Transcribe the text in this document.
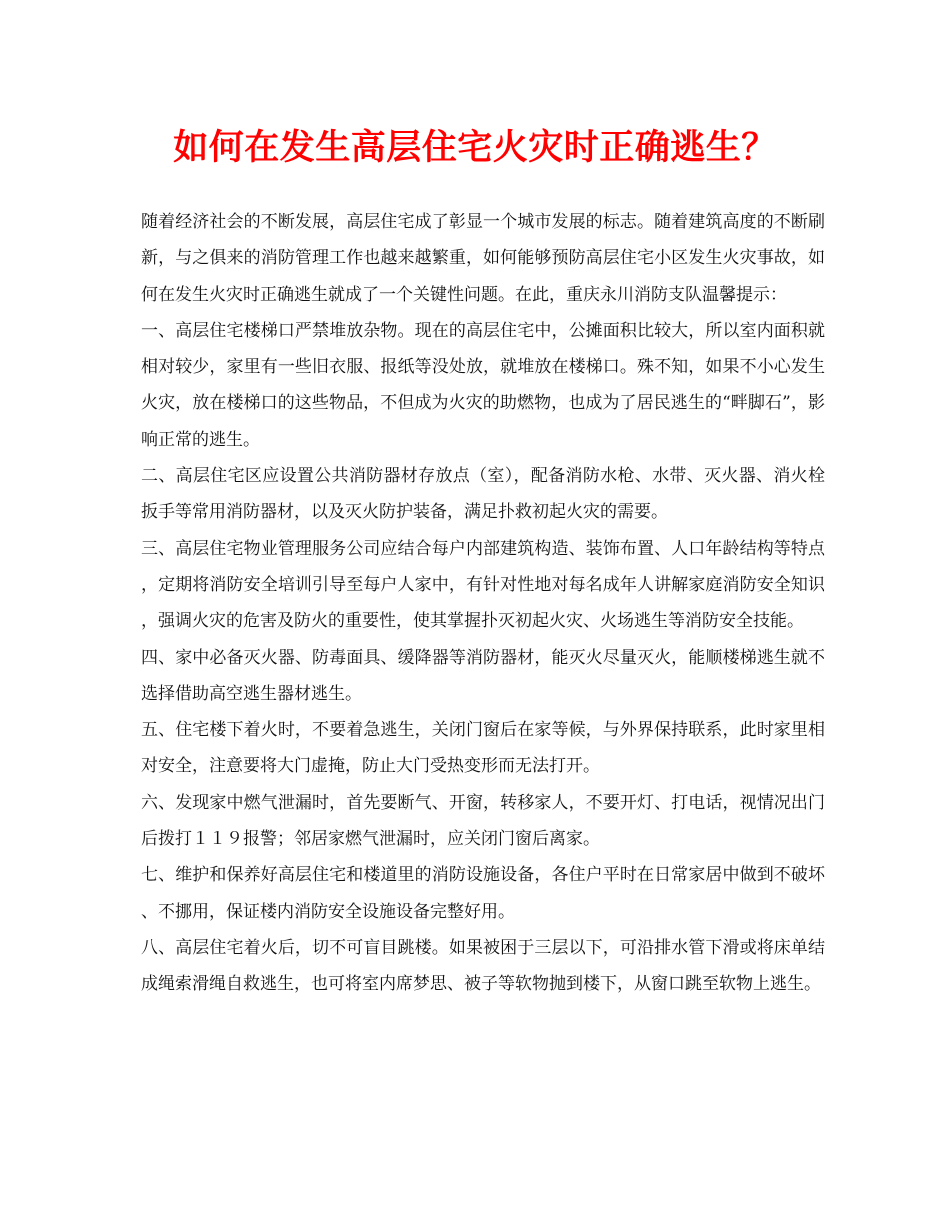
如何在发生高层住宅火灾时正确逃生？

随着经济社会的不断发展，高层住宅成了彰显一个城市发展的标志。随着建筑高度的不断刷新，与之俱来的消防管理工作也越来越繁重，如何能够预防高层住宅小区发生火灾事故，如何在发生火灾时正确逃生就成了一个关键性问题。在此，重庆永川消防支队温馨提示：

一、高层住宅楼梯口严禁堆放杂物。现在的高层住宅中，公摊面积比较大，所以室内面积就相对较少，家里有一些旧衣服、报纸等没处放，就堆放在楼梯口。殊不知，如果不小心发生火灾，放在楼梯口的这些物品，不但成为火灾的助燃物，也成为了居民逃生的“畔脚石”，影响正常的逃生。

二、高层住宅区应设置公共消防器材存放点（室），配备消防水枪、水带、灭火器、消火栓扳手等常用消防器材，以及灭火防护装备，满足扑救初起火灾的需要。

三、高层住宅物业管理服务公司应结合每户内部建筑构造、装饰布置、人口年龄结构等特点，定期将消防安全培训引导至每户人家中，有针对性地对每名成年人讲解家庭消防安全知识，强调火灾的危害及防火的重要性，使其掌握扑灭初起火灾、火场逃生等消防安全技能。

四、家中必备灭火器、防毒面具、缓降器等消防器材，能灭火尽量灭火，能顺楼梯逃生就不选择借助高空逃生器材逃生。

五、住宅楼下着火时，不要着急逃生，关闭门窗后在家等候，与外界保持联系，此时家里相对安全，注意要将大门虚掩，防止大门受热变形而无法打开。

六、发现家中燃气泄漏时，首先要断气、开窗，转移家人，不要开灯、打电话，视情况出门后拨打１１９报警；邻居家燃气泄漏时，应关闭门窗后离家。

七、维护和保养好高层住宅和楼道里的消防设施设备，各住户平时在日常家居中做到不破坏、不挪用，保证楼内消防安全设施设备完整好用。

八、高层住宅着火后，切不可盲目跳楼。如果被困于三层以下，可沿排水管下滑或将床单结成绳索滑绳自救逃生，也可将室内席梦思、被子等软物抛到楼下，从窗口跳至软物上逃生。
